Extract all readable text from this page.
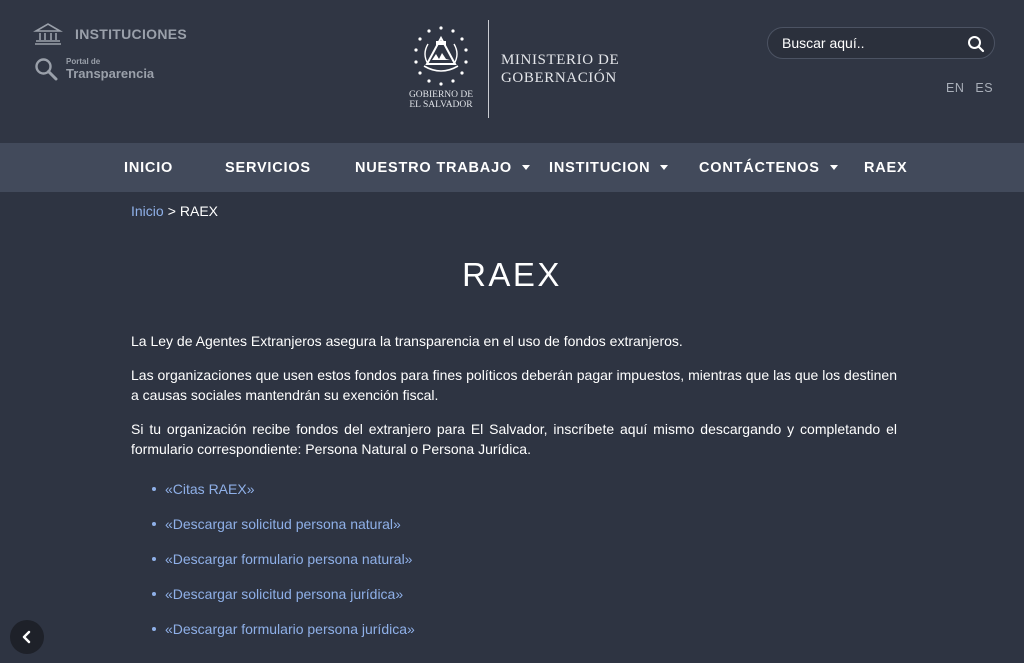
INSTITUCIONES
Portal de
Transparencia
GOBIERNO DE
EL SALVADOR
MINISTERIO DE
GOBERNACIÓN
Buscar aquí..
EN ES
INICIO	SERVICIOS	NUESTRO TRABAJO	INSTITUCION	CONTÁCTENOS	RAEX
Inicio > RAEX
RAEX

La Ley de Agentes Extranjeros asegura la transparencia en el uso de fondos extranjeros.

Las organizaciones que usen estos fondos para fines políticos deberán pagar impuestos, mientras que las que los destinen a causas sociales mantendrán su exención fiscal.

Si tu organización recibe fondos del extranjero para El Salvador, inscríbete aquí mismo descargando y completando el formulario correspondiente: Persona Natural o Persona Jurídica.

«Citas RAEX»
«Descargar solicitud persona natural»
«Descargar formulario persona natural»
«Descargar solicitud persona jurídica»
«Descargar formulario persona jurídica»
